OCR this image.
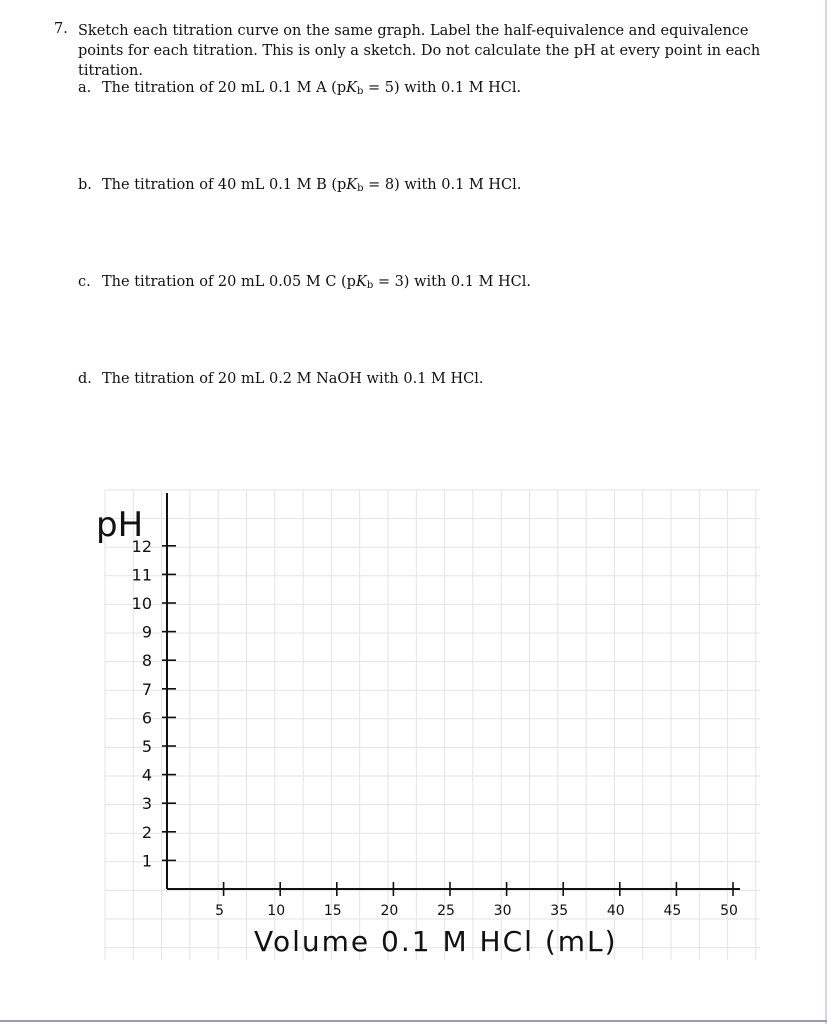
7. Sketch each titration curve on the same graph. Label the half-equivalence and equivalence points for each titration. This is only a sketch. Do not calculate the pH at every point in each titration.
a. The titration of 20 mL 0.1 M A $(pK_b = 5)$ with 0.1 M HCl.
b. The titration of 40 mL 0.1 M B $(pK_b = 8)$ with 0.1 M HCl.
c. The titration of 20 mL 0.05 M C $(pK_b = 3)$ with 0.1 M HCl.
d. The titration of 20 mL 0.2 M NaOH with 0.1 M HCl.
1
2
3
4
5
6
7
8
9
10
11
12
5	10	15	20	25	30	35	40	45	50
pH
Volume 0.1 M HCl (mL)
